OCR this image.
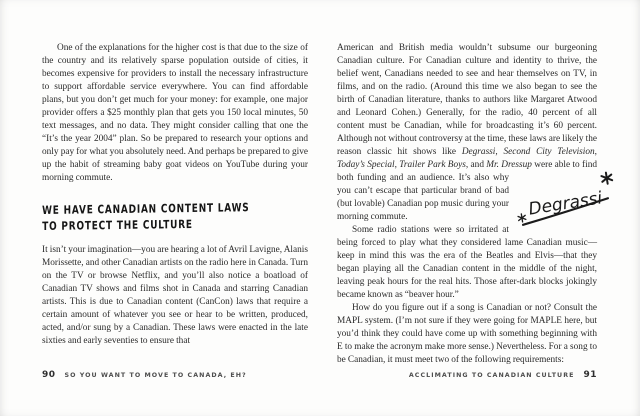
One of the explanations for the higher cost is that due to the size of the country and its relatively sparse population outside of cities, it becomes expensive for providers to install the necessary infrastructure to support affordable service everywhere. You can find affordable plans, but you don’t get much for your money: for example, one major provider offers a $25 monthly plan that gets you 150 local minutes, 50 text messages, and no data. They might consider calling that one the “It’s the year 2004” plan. So be prepared to research your options and only pay for what you absolutely need. And perhaps be prepared to give up the habit of streaming baby goat videos on YouTube during your morning commute.

WE HAVE CANADIAN CONTENT LAWS
TO PROTECT THE CULTURE

It isn’t your imagination—you are hearing a lot of Avril Lavigne, Alanis Morissette, and other Canadian artists on the radio here in Canada. Turn on the TV or browse Netflix, and you’ll also notice a boatload of Canadian TV shows and films shot in Canada and starring Canadian artists. This is due to Canadian content (CanCon) laws that require a certain amount of whatever you see or hear to be written, produced, acted, and/or sung by a Canadian. These laws were enacted in the late sixties and early seventies to ensure that

90 SO YOU WANT TO MOVE TO CANADA, EH?

Degrassi
American and British media wouldn’t subsume our burgeoning Canadian culture. For Canadian culture and identity to thrive, the belief went, Canadians needed to see and hear themselves on TV, in films, and on the radio. (Around this time we also began to see the birth of Canadian literature, thanks to authors like Margaret Atwood and Leonard Cohen.) Generally, for the radio, 40 percent of all content must be Canadian, while for broadcasting it’s 60 percent. Although not without controversy at the time, these laws are likely the reason classic hit shows like Degrassi, Second City Television, Today’s Special, Trailer Park Boys, and Mr. Dressup were able to find both funding and an audience. It’s also why you can’t escape that particular brand of bad (but lovable) Canadian pop music during your morning commute.

Some radio stations were so irritated at being forced to play what they considered lame Canadian music—keep in mind this was the era of the Beatles and Elvis—that they began playing all the Canadian content in the middle of the night, leaving peak hours for the real hits. Those after-dark blocks jokingly became known as “beaver hour.”

How do you figure out if a song is Canadian or not? Consult the MAPL system. (I’m not sure if they were going for MAPLE here, but you’d think they could have come up with something beginning with E to make the acronym make more sense.) Nevertheless. For a song to be Canadian, it must meet two of the following requirements:

ACCLIMATING TO CANADIAN CULTURE 91
